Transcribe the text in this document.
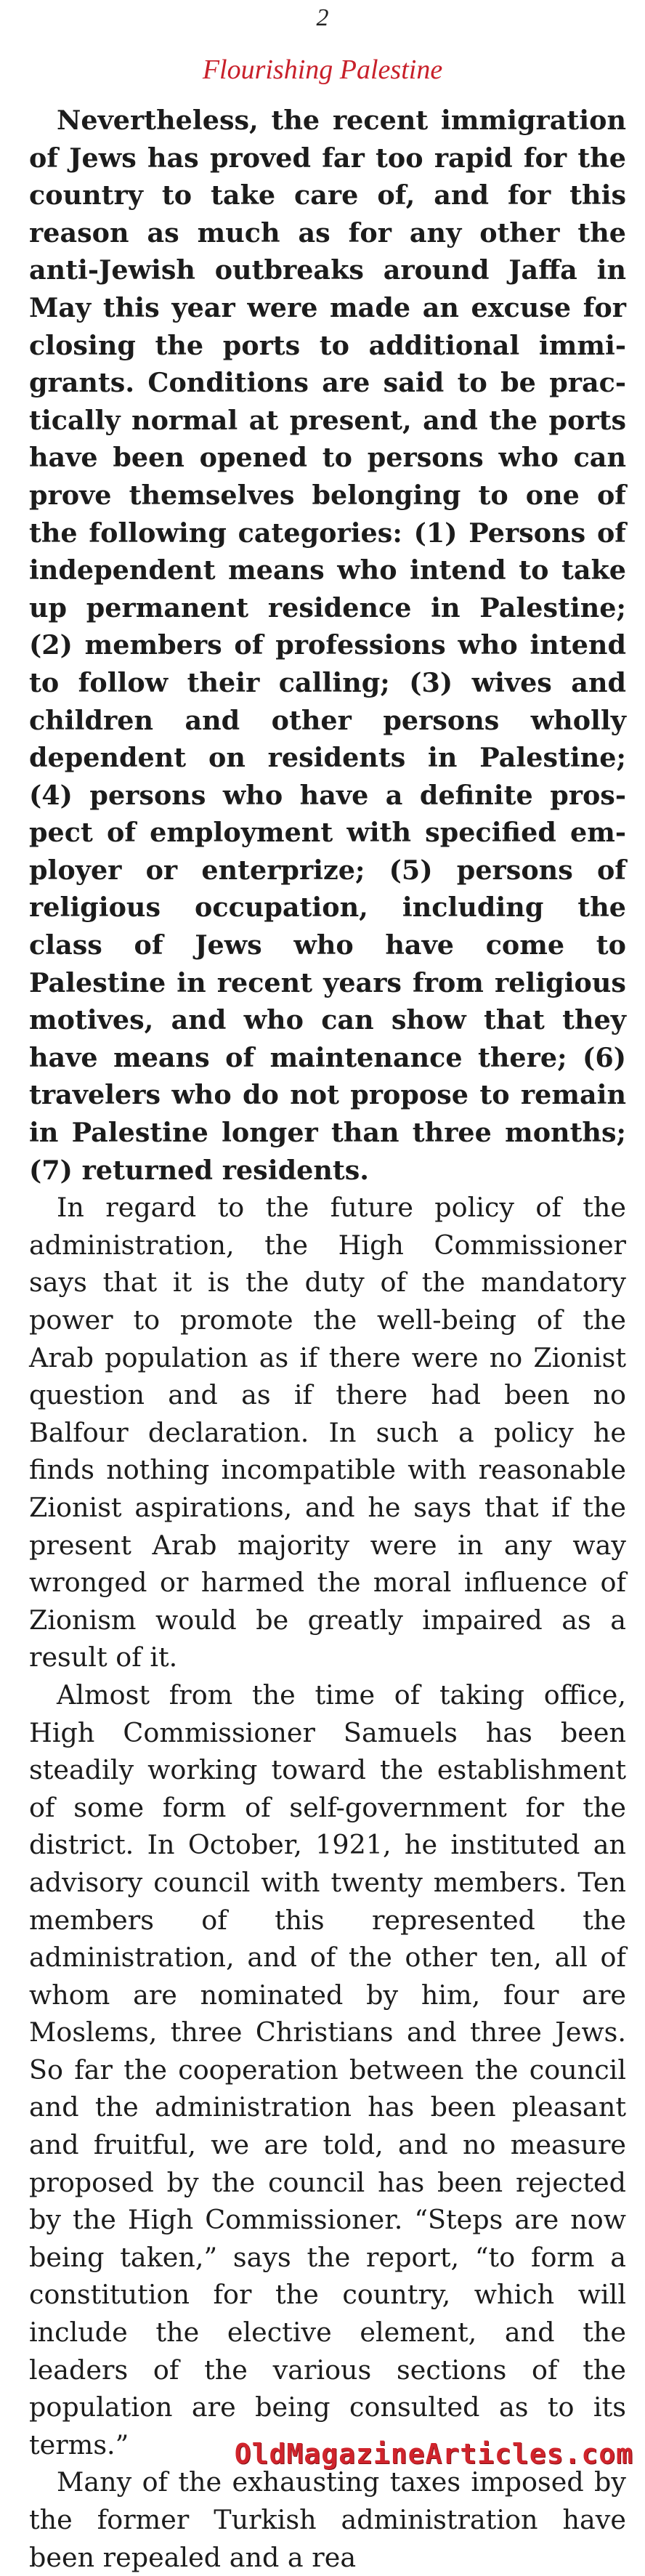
2
Flourishing Palestine

Nevertheless, the recent immigration of Jews has proved far too rapid for the country to take care of, and for this reason as much as for any other the anti-Jewish outbreaks around Jaffa in May this year were made an excuse for closing the ports to additional immigrants. Conditions are said to be practically normal at present, and the ports have been opened to persons who can prove themselves belonging to one of the following categories: (1) Persons of independent means who intend to take up permanent residence in Palestine; (2) members of professions who intend to follow their calling; (3) wives and children and other persons wholly dependent on residents in Palestine; (4) persons who have a definite prospect of employment with specified employer or enterprize; (5) persons of religious occupation, including the class of Jews who have come to Palestine in recent years from religious motives, and who can show that they have means of maintenance there; (6) travelers who do not propose to remain in Palestine longer than three months; (7) returned residents.

In regard to the future policy of the administration, the High Commissioner says that it is the duty of the mandatory power to promote the well-being of the Arab population as if there were no Zionist question and as if there had been no Balfour declaration. In such a policy he finds nothing incompatible with reasonable Zionist aspirations, and he says that if the present Arab majority were in any way wronged or harmed the moral influence of Zionism would be greatly impaired as a result of it.

Almost from the time of taking office, High Commissioner Samuels has been steadily working toward the establishment of some form of self-government for the district. In October, 1921, he instituted an advisory council with twenty members. Ten members of this represented the administration, and of the other ten, all of whom are nominated by him, four are Moslems, three Christians and three Jews. So far the cooperation between the council and the administration has been pleasant and fruitful, we are told, and no measure proposed by the council has been rejected by the High Commissioner. “Steps are now being taken,” says the report, “to form a constitution for the country, which will include the elective element, and the leaders of the various sections of the population are being consulted as to its terms.”

Many of the exhausting taxes imposed by the former Turkish administration have been repealed and a rea

OldMagazineArticles.com
